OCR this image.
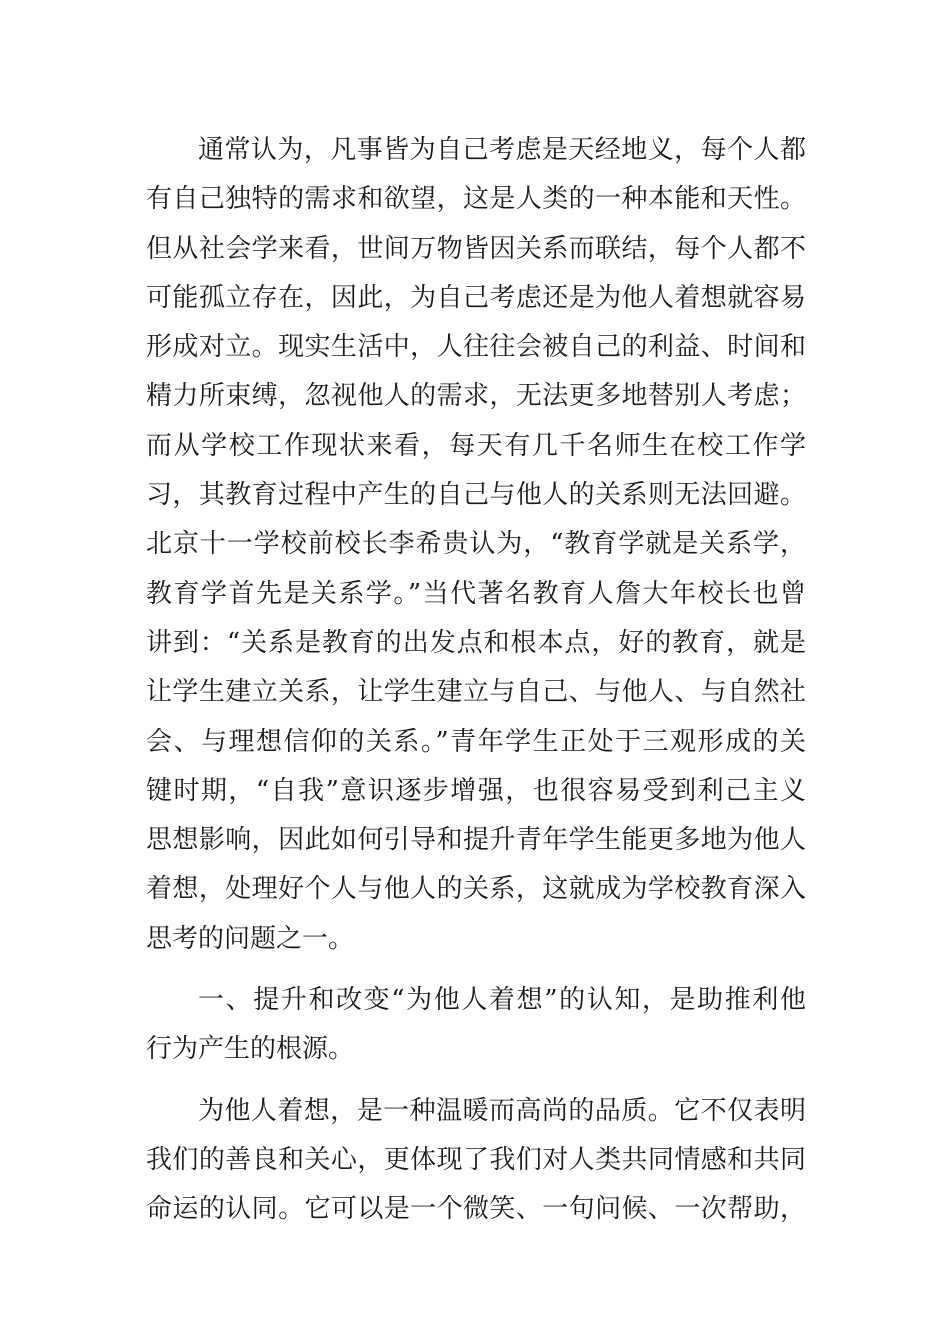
通常认为，凡事皆为自己考虑是天经地义，每个人都
有自己独特的需求和欲望，这是人类的一种本能和天性。
但从社会学来看，世间万物皆因关系而联结，每个人都不
可能孤立存在，因此，为自己考虑还是为他人着想就容易
形成对立。现实生活中，人往往会被自己的利益、时间和
精力所束缚，忽视他人的需求，无法更多地替别人考虑；
而从学校工作现状来看，每天有几千名师生在校工作学
习，其教育过程中产生的自己与他人的关系则无法回避。
北京十一学校前校长李希贵认为，“教育学就是关系学，
教育学首先是关系学。”当代著名教育人詹大年校长也曾
讲到：“关系是教育的出发点和根本点，好的教育，就是
让学生建立关系，让学生建立与自己、与他人、与自然社
会、与理想信仰的关系。”青年学生正处于三观形成的关
键时期，“自我”意识逐步增强，也很容易受到利己主义
思想影响，因此如何引导和提升青年学生能更多地为他人
着想，处理好个人与他人的关系，这就成为学校教育深入
思考的问题之一。
一、提升和改变“为他人着想”的认知，是助推利他
行为产生的根源。
为他人着想，是一种温暖而高尚的品质。它不仅表明
我们的善良和关心，更体现了我们对人类共同情感和共同
命运的认同。它可以是一个微笑、一句问候、一次帮助，
